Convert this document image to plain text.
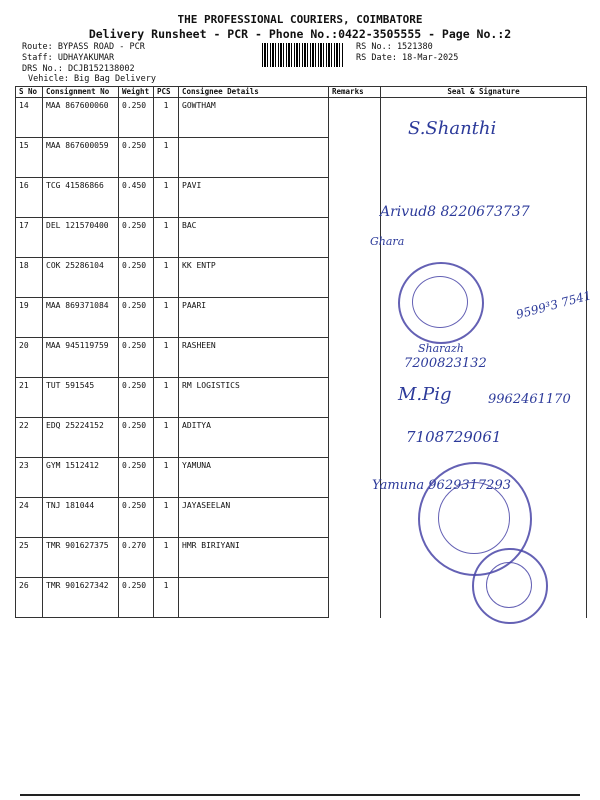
THE PROFESSIONAL COURIERS, COIMBATORE
Delivery Runsheet - PCR - Phone No.:0422-3505555 - Page No.:2
Route: BYPASS ROAD - PCR
Staff: UDHAYAKUMAR
DRS No.: DCJB152138002
Vehicle: Big Bag Delivery
RS No.: 1521380
RS Date: 18-Mar-2025
S No	Consignment No	Weight	PCS	Consignee Details	Remarks	Seal & Signature
14	MAA 867600060	0.250	1	GOWTHAM		
15	MAA 867600059	0.250	1			
16	TCG 41586866	0.450	1	PAVI		
17	DEL 121570400	0.250	1	BAC		
18	COK 25286104	0.250	1	KK ENTP		
19	MAA 869371084	0.250	1	PAARI		
20	MAA 945119759	0.250	1	RASHEEN		
21	TUT 591545	0.250	1	RM LOGISTICS		
22	EDQ 25224152	0.250	1	ADITYA		
23	GYM 1512412	0.250	1	YAMUNA		
24	TNJ 181044	0.250	1	JAYASEELAN		
25	TMR 901627375	0.270	1	HMR BIRIYANI		
26	TMR 901627342	0.250	1			
S.Shanthi
Arivud8 8220673737
Ghara
Sharazh
7200823132
M.Pig	9962461170
7108729061
Yamuna 9629317293
9599³3 7541
